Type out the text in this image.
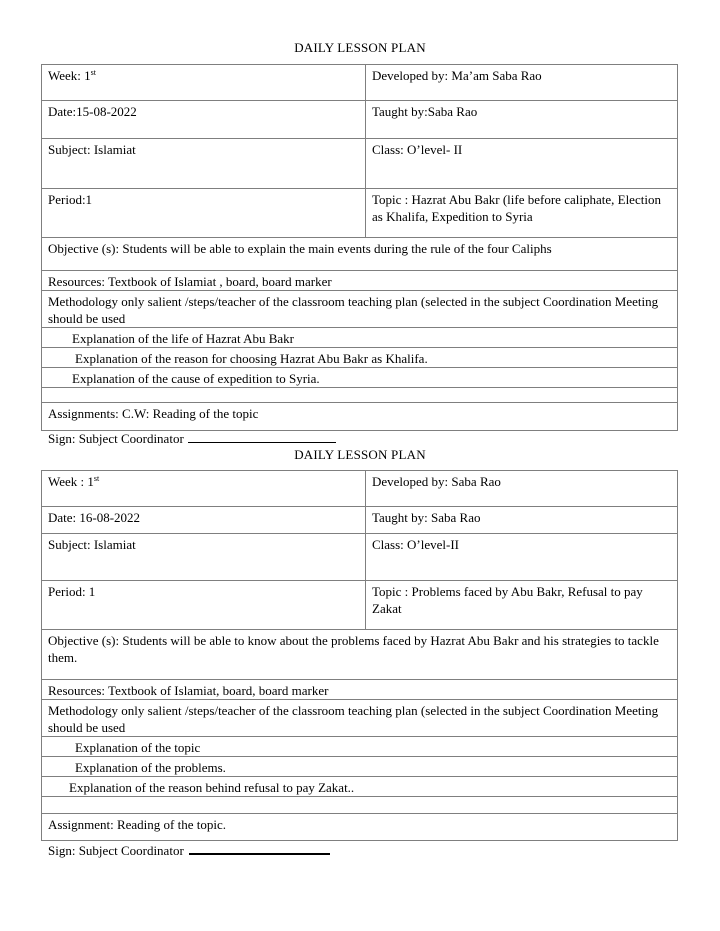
DAILY LESSON PLAN
Week: 1st	Developed by: Ma’am Saba Rao
Date:15-08-2022	Taught by:Saba Rao
Subject: Islamiat	Class: O’level- II
Period:1	Topic : Hazrat Abu Bakr (life before caliphate, Election as Khalifa, Expedition to Syria
Objective (s): Students will be able to explain the main events during the rule of the four Caliphs	
Resources: Textbook of Islamiat , board, board marker	
Methodology only salient /steps/teacher of the classroom teaching plan (selected in the subject Coordination Meeting should be used	

Explanation of the life of Hazrat Abu Bakr	

Explanation of the reason for choosing Hazrat Abu Bakr as Khalifa.	

Explanation of the cause of expedition to Syria.	

Assignments: C.W: Reading of the topic	
Sign: Subject Coordinator
DAILY LESSON PLAN
Week : 1st	Developed by: Saba Rao
Date: 16-08-2022	Taught by: Saba Rao
Subject: Islamiat	Class: O’level-II
Period: 1	Topic : Problems faced by Abu Bakr, Refusal to pay Zakat
Objective (s): Students will be able to know about the problems faced by Hazrat Abu Bakr and his strategies to tackle them.	
Resources: Textbook of Islamiat, board, board marker	
Methodology only salient /steps/teacher of the classroom teaching plan (selected in the subject Coordination Meeting should be used	

Explanation of the topic	

Explanation of the problems.	

Explanation of the reason behind refusal to pay Zakat..	

Assignment: Reading of the topic.	
Sign: Subject Coordinator
